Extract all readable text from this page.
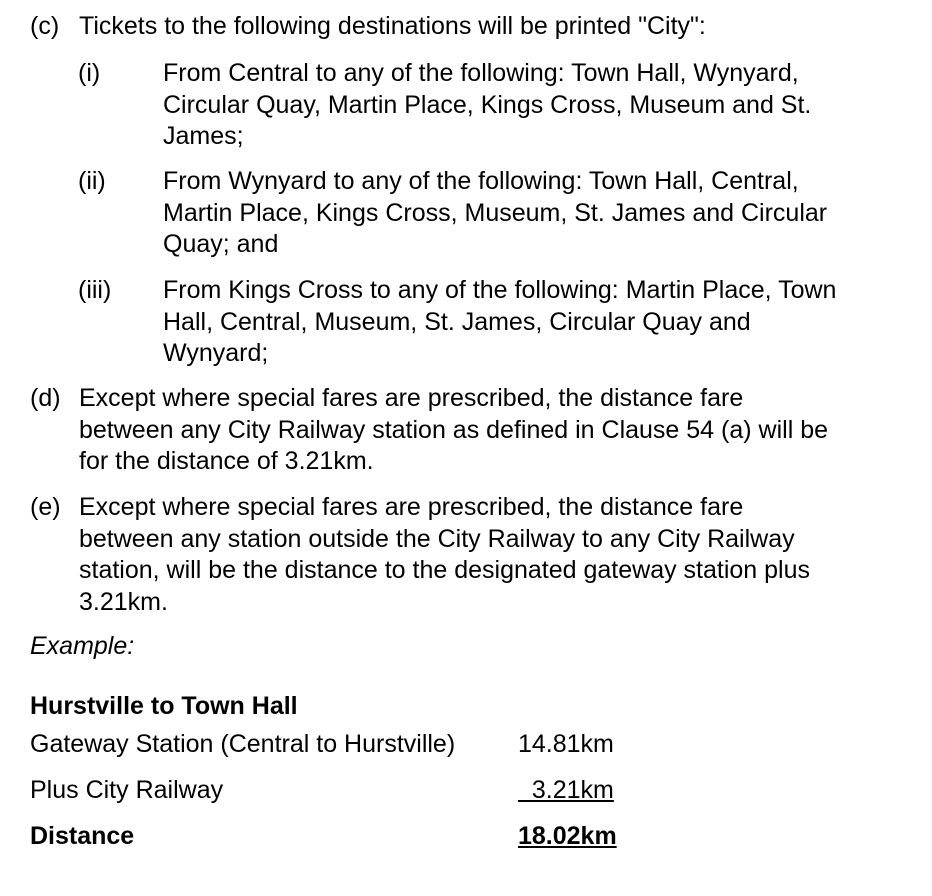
(c) Tickets to the following destinations will be printed "City":
(i)	From Central to any of the following: Town Hall, Wynyard,
Circular Quay, Martin Place, Kings Cross, Museum and St.
James;
(ii) From Wynyard to any of the following: Town Hall, Central,
Martin Place, Kings Cross, Museum, St. James and Circular
Quay; and
(iii) From Kings Cross to any of the following: Martin Place, Town
Hall, Central, Museum, St. James, Circular Quay and
Wynyard;
(d) Except where special fares are prescribed, the distance fare
between any City Railway station as defined in Clause 54 (a) will be
for the distance of 3.21km.
(e) Except where special fares are prescribed, the distance fare
between any station outside the City Railway to any City Railway
station, will be the distance to the designated gateway station plus
3.21km.
Example:
Hurstville to Town Hall
Gateway Station (Central to Hurstville)	14.81km
Plus City Railway	3.21km
Distance	18.02km
